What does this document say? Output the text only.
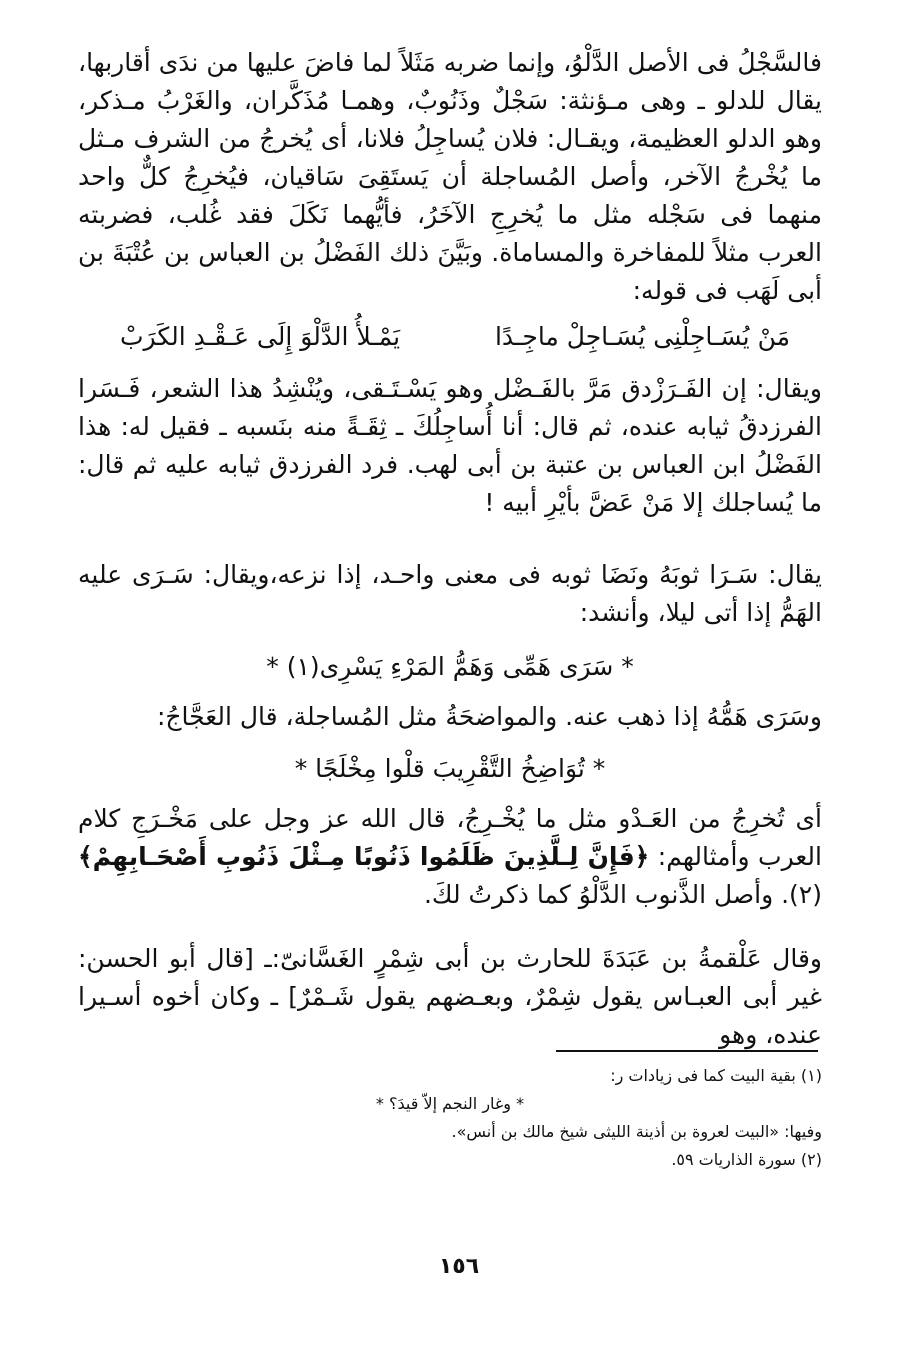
فالسَّجْلُ فى الأصل الدَّلْوُ، وإنما ضربه مَثَلاً لما فاضَ عليها من ندَى أقاربها، يقال للدلو ـ وهى مـؤنثة: سَجْلٌ وذَنُوبٌ، وهمـا مُذَكَّران، والغَرْبُ مـذكر، وهو الدلو العظيمة، ويقـال: فلان يُساجِلُ فلانا، أى يُخرجُ من الشرف مـثل ما يُخْرجُ الآخر، وأصل المُساجلة أن يَستَقِىَ سَاقيان، فيُخرِجُ كلٌّ واحد منهما فى سَجْله مثل ما يُخرِجِ الآخَرُ، فأيُّهما نَكَلَ فقد غُلب، فضربته العرب مثلاً للمفاخرة والمساماة. وبَيَّنَ ذلك الفَضْلُ بن العباس بن عُتْبَةَ بن أبى لَهَب فى قوله:
مَنْ يُسَـاجِلْنِى يُسَـاجِلْ ماجِـدًا
يَمْـلأُ الدَّلْوَ إِلَى عَـقْـدِ الكَرَبْ
ويقال: إن الفَـرَزْدق مَرَّ بالفَـضْل وهو يَسْـتَـقى، ويُنْشِدُ هذا الشعر، فَـسَرا الفرزدقُ ثيابه عنده، ثم قال: أنا أُساجِلُكَ ـ ثِقَـةً منه بنَسبه ـ فقيل له: هذا الفَضْلُ ابن العباس بن عتبة بن أبى لهب. فرد الفرزدق ثيابه عليه ثم قال: ما يُساجلك إلا مَنْ عَضَّ بأيْرِ أبيه !
يقال: سَـرَا ثوبَهُ ونَضَا ثوبه فى معنى واحـد، إذا نزعه،ويقال: سَـرَى عليه الهَمُّ إذا أتى ليلا، وأنشد:
* سَرَى هَمِّى وَهَمُّ المَرْءِ يَسْرِى(١) *
وسَرَى هَمُّهُ إذا ذهب عنه. والمواضحَةُ مثل المُساجلة، قال العَجَّاجُ:
* تُوَاضِخُ التَّقْرِيبَ قلْوا مِخْلَجًا *
أى تُخرِجُ من العَـدْو مثل ما يُخْـرِجُ، قال الله عز وجل على مَخْـرَجِ كلام العرب وأمثالهم: ﴿فَإِنَّ لِـلَّذِينَ ظَلَمُوا ذَنُوبًا مِـثْلَ ذَنُوبِ أَصْحَـابِهِمْ﴾(٢). وأصل الذَّنوب الدَّلْوُ كما ذكرتُ لكَ.
وقال عَلْقمةُ بن عَبَدَةَ للحارث بن أبى شِمْرٍ الغَسَّانىّ:ـ [قال أبو الحسن: غير أبى العبـاس يقول شِمْرٌ، وبعـضهم يقول شَـمْرٌ] ـ وكان أخوه أسـيرا عنده، وهو
(١) بقية البيت كما فى زيادات ر:
* وغار النجم إلاّ قيدَ؟ *
وفيها: «البيت لعروة بن أذينة الليثى شيخ مالك بن أنس».
(٢) سورة الذاريات ٥٩.
١٥٦
